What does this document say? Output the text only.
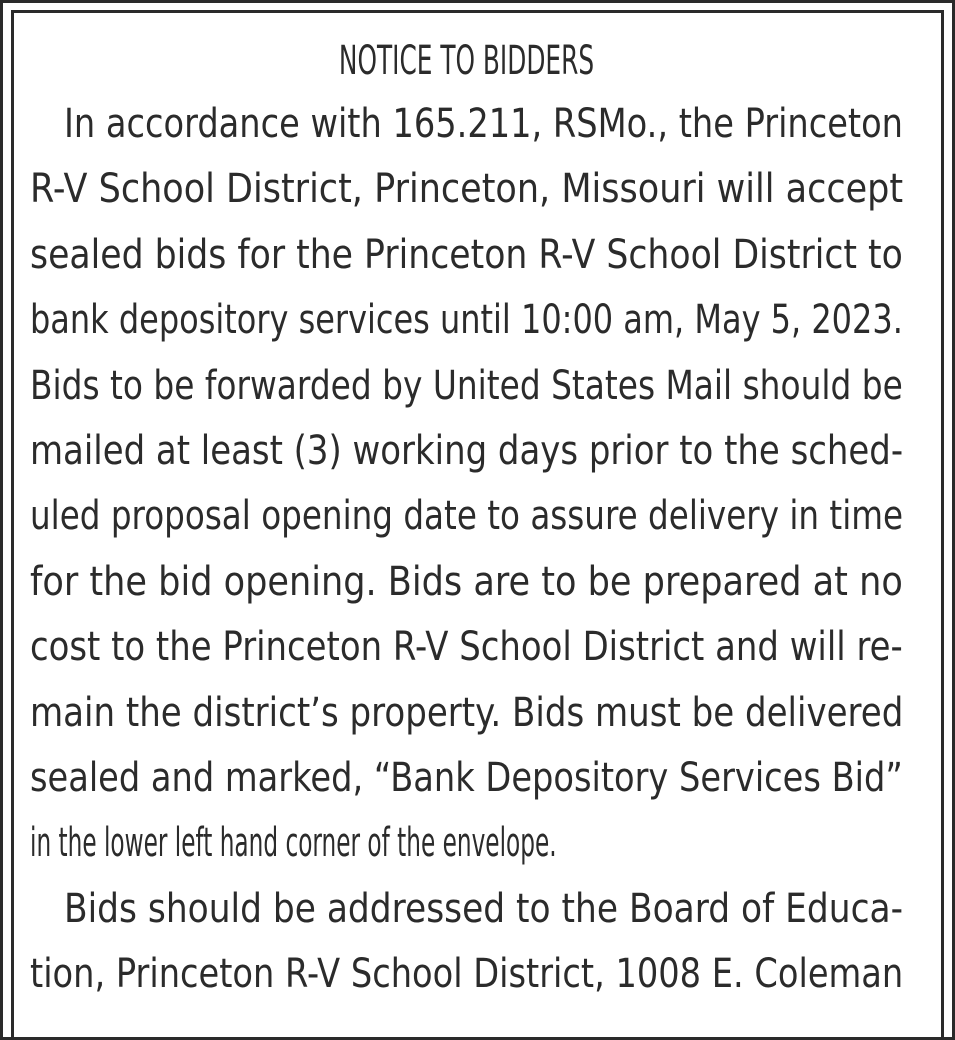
NOTICE TO BIDDERS
In accordance with 165.211, RSMo., the Princeton
R-V School District, Princeton, Missouri will accept
sealed bids for the Princeton R-V School District to
bank depository services until 10:00 am, May 5, 2023.
Bids to be forwarded by United States Mail should be
mailed at least (3) working days prior to the sched-
uled proposal opening date to assure delivery in time
for the bid opening. Bids are to be prepared at no
cost to the Princeton R-V School District and will re-
main the district’s property. Bids must be delivered
sealed and marked, “Bank Depository Services Bid”
in the lower left hand corner of the envelope.
Bids should be addressed to the Board of Educa-
tion, Princeton R-V School District, 1008 E. Coleman
